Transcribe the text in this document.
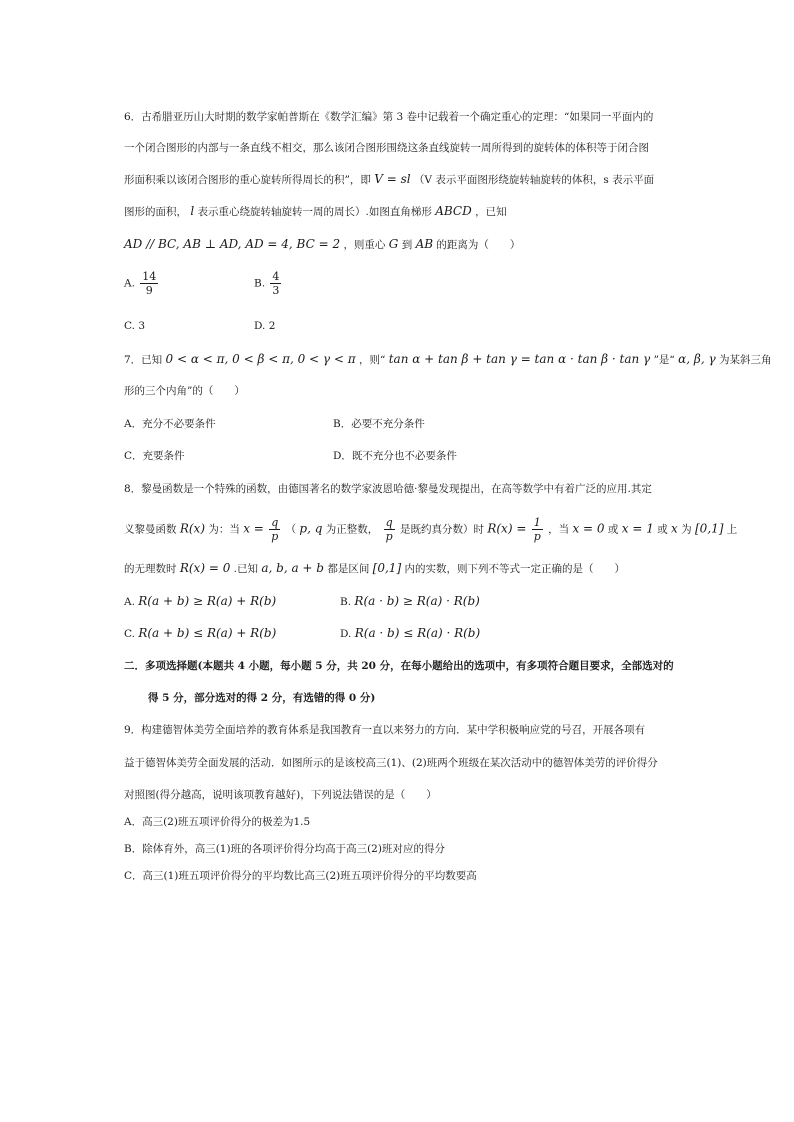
6．古希腊亚历山大时期的数学家帕普斯在《数学汇编》第 3 卷中记载着一个确定重心的定理：“如果同一平面内的
一个闭合图形的内部与一条直线不相交，那么该闭合图形围绕这条直线旋转一周所得到的旋转体的体积等于闭合图
形面积乘以该闭合图形的重心旋转所得周长的积”，即 V = sl （V 表示平面图形绕旋转轴旋转的体积，s 表示平面
图形的面积， l 表示重心绕旋转轴旋转一周的周长）.如图直角梯形 ABCD ，已知
AD // BC, AB ⊥ AD, AD = 4, BC = 2 ，则重心 G 到 AB 的距离为（　　）
A. $\frac{14}{9}$	B. $\frac{4}{3}$
C. 3	D. 2
7．已知 0 < α < π, 0 < β < π, 0 < γ < π ，则“ tan α + tan β + tan γ = tan α · tan β · tan γ ”是“ α, β, γ 为某斜三角
形的三个内角”的（　　）
A．充分不必要条件	B．必要不充分条件
C．充要条件	D．既不充分也不必要条件
8．黎曼函数是一个特殊的函数，由德国著名的数学家波恩哈德·黎曼发现提出，在高等数学中有着广泛的应用.其定
义黎曼函数 R(x) 为：当 $x = \frac{q}{p}$ （ p, q 为正整数， $\frac{q}{p}$ 是既约真分数）时 $R(x) = \frac{1}{p}$ ，当 x = 0 或 x = 1 或 x 为 [0,1] 上
的无理数时 R(x) = 0 .已知 a, b, a + b 都是区间 [0,1] 内的实数，则下列不等式一定正确的是（　　）
A. R(a + b) ≥ R(a) + R(b)	B. R(a · b) ≥ R(a) · R(b)
C. R(a + b) ≤ R(a) + R(b)	D. R(a · b) ≤ R(a) · R(b)
二．多项选择题(本题共 4 小题，每小题 5 分，共 20 分，在每小题给出的选项中，有多项符合题目要求，全部选对的
得 5 分，部分选对的得 2 分，有选错的得 0 分)
9．构建德智体美劳全面培养的教育体系是我国教育一直以来努力的方向．某中学积极响应党的号召，开展各项有
益于德智体美劳全面发展的活动．如图所示的是该校高三(1)、(2)班两个班级在某次活动中的德智体美劳的评价得分
对照图(得分越高，说明该项教育越好)，下列说法错误的是（　　）
A．高三(2)班五项评价得分的极差为1.5
B．除体育外，高三(1)班的各项评价得分均高于高三(2)班对应的得分
C．高三(1)班五项评价得分的平均数比高三(2)班五项评价得分的平均数要高
